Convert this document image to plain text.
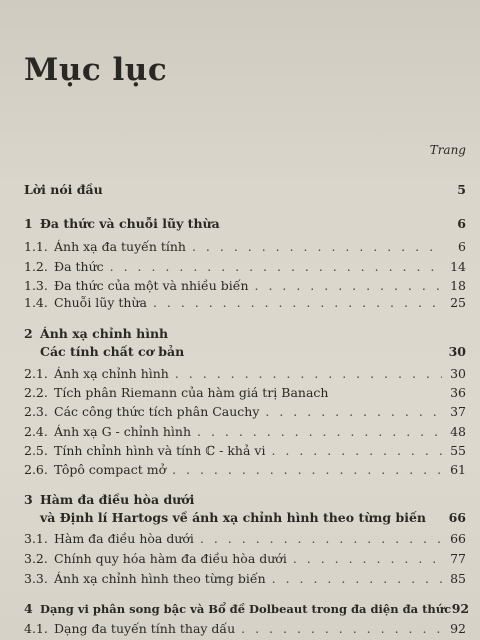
Mục lục
Trang
Lời nói đầu	5
1 Đa thức và chuỗi lũy thừa	6
1.1. Ánh xạ đa tuyến tính . . .	6
1.2. Đa thức . . .	14
1.3. Đa thức của một và nhiều biến . . .	18
1.4. Chuỗi lũy thừa . . .	25
2 Ánh xạ chỉnh hình
Các tính chất cơ bản	30
2.1. Ánh xạ chỉnh hình . . .	30
2.2. Tích phân Riemann của hàm giá trị Banach	36
2.3. Các công thức tích phân Cauchy . . .	37
2.4. Ánh xạ G - chỉnh hình . . .	48
2.5. Tính chỉnh hình và tính ℂ - khả vi . . .	55
2.6. Tôpô compact mở . . .	61
3 Hàm đa điều hòa dưới
và Định lí Hartogs về ánh xạ chỉnh hình theo từng biến 66
3.1. Hàm đa điều hòa dưới . . .	66
3.2. Chính quy hóa hàm đa điều hòa dưới . . .	77
3.3. Ánh xạ chỉnh hình theo từng biến . . .	85
4 Dạng vi phân song bậc và Bổ đề Dolbeaut trong đa diện đa thức 92
4.1. Dạng đa tuyến tính thay dấu . . .	92
